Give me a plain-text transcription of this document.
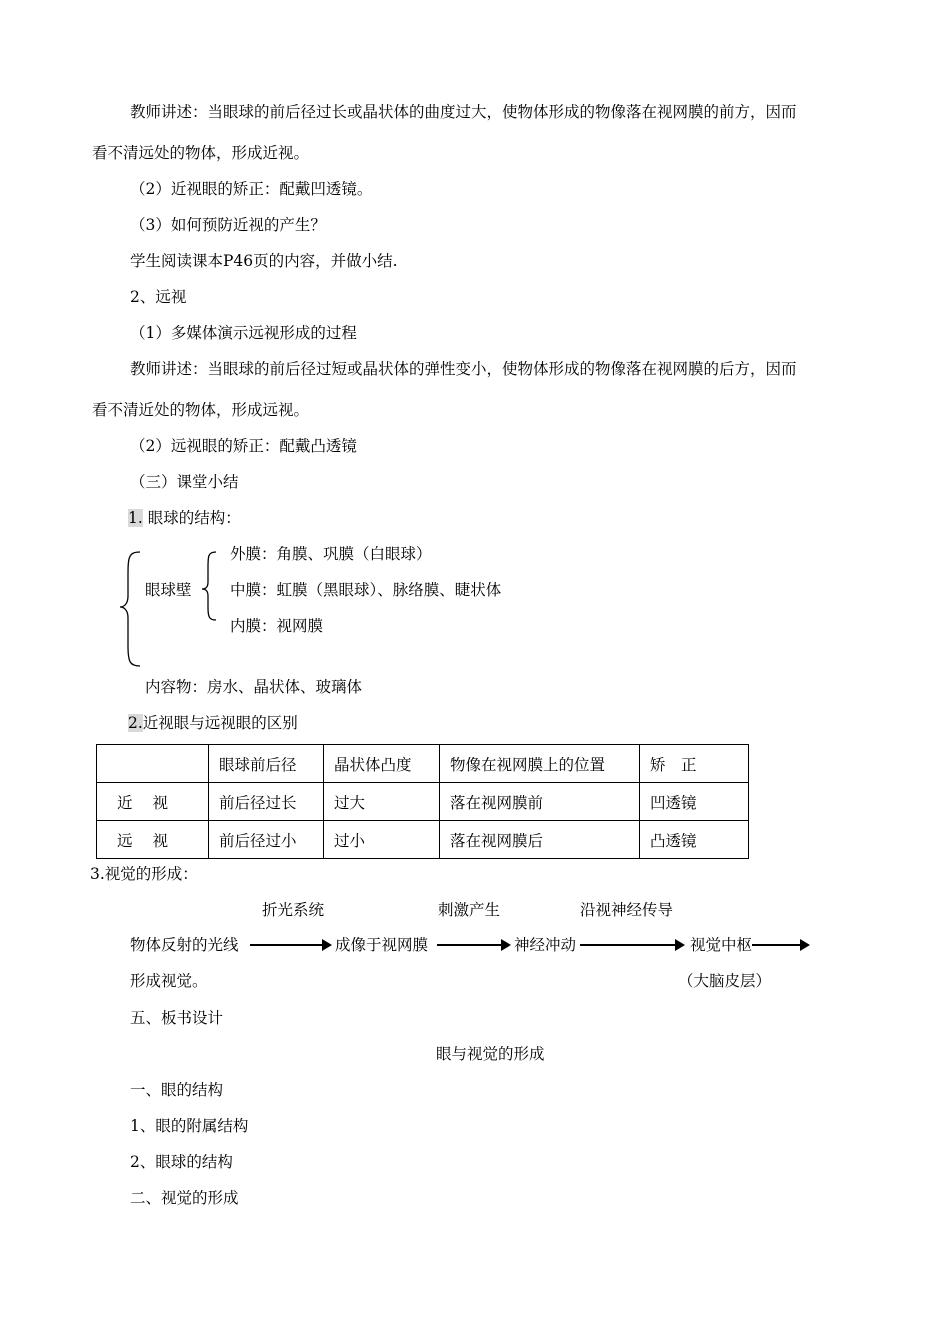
教师讲述：当眼球的前后径过长或晶状体的曲度过大，使物体形成的物像落在视网膜的前方，因而
看不清远处的物体，形成近视。
（2）近视眼的矫正：配戴凹透镜。
（3）如何预防近视的产生？
学生阅读课本P46页的内容，并做小结.
2、远视
（1）多媒体演示远视形成的过程
教师讲述：当眼球的前后径过短或晶状体的弹性变小，使物体形成的物像落在视网膜的后方，因而
看不清近处的物体，形成远视。
（2）远视眼的矫正：配戴凸透镜
（三）课堂小结
1. 眼球的结构：
眼球壁
外膜：角膜、巩膜（白眼球）
中膜：虹膜（黑眼球）、脉络膜、睫状体
内膜：视网膜
内容物：房水、晶状体、玻璃体
2.近视眼与远视眼的区别
	眼球前后径	晶状体凸度	物像在视网膜上的位置	矫　正
近视	前后径过长	过大	落在视网膜前	凹透镜
远视	前后径过小	过小	落在视网膜后	凸透镜
3.视觉的形成：
折光系统	刺激产生	沿视神经传导
物体反射的光线	成像于视网膜	神经冲动	视觉中枢
形成视觉。	（大脑皮层）
五、板书设计
眼与视觉的形成
一、眼的结构
1、眼的附属结构
2、眼球的结构
二、视觉的形成
